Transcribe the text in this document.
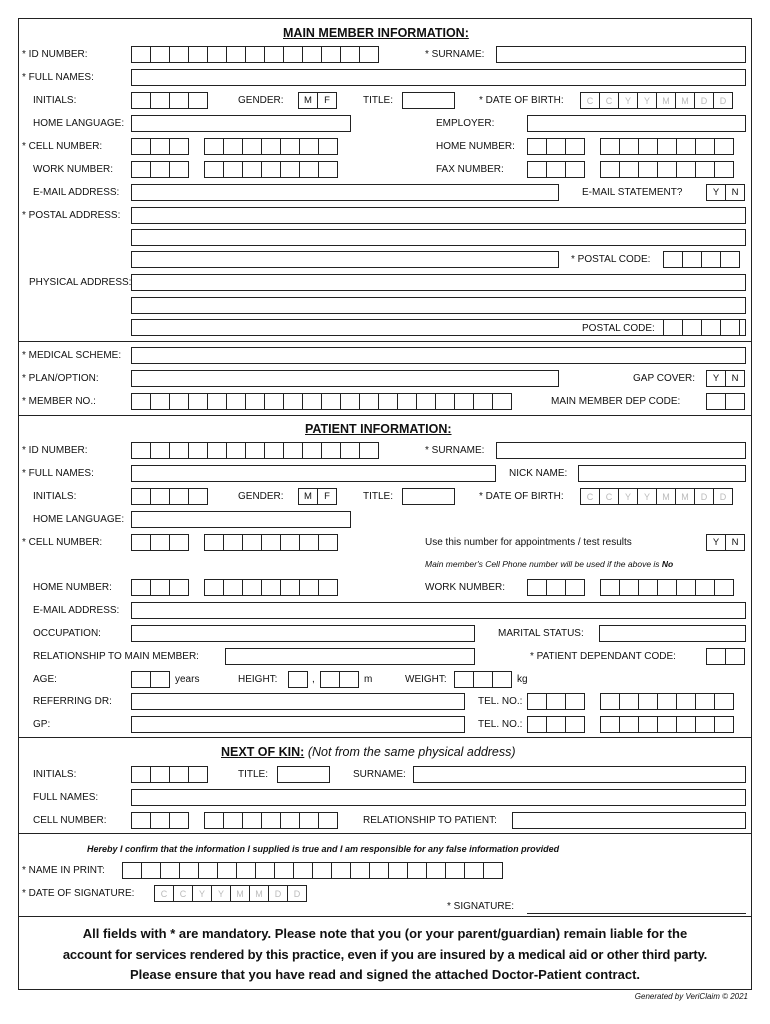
MAIN MEMBER INFORMATION:
* ID NUMBER:	* SURNAME:
* FULL NAMES:
INITIALS:	GENDER:	M	F	TITLE:	* DATE OF BIRTH:	C	C	Y	Y	M	M	D	D
HOME LANGUAGE:	EMPLOYER:
* CELL NUMBER:	HOME NUMBER:
WORK NUMBER:	FAX NUMBER:
E-MAIL ADDRESS:	E-MAIL STATEMENT?	Y	N
* POSTAL ADDRESS:
* POSTAL CODE:
PHYSICAL ADDRESS:
POSTAL CODE:
* MEDICAL SCHEME:
* PLAN/OPTION:	GAP COVER:	Y	N
* MEMBER NO.:	MAIN MEMBER DEP CODE:
PATIENT INFORMATION:
* ID NUMBER:	* SURNAME:
* FULL NAMES:	NICK NAME:
INITIALS:	GENDER:	M	F	TITLE:	* DATE OF BIRTH:	C	C	Y	Y	M	M	D	D
HOME LANGUAGE:
* CELL NUMBER:	Use this number for appointments / test results	Y	N
Main member's Cell Phone number will be used if the above is No
HOME NUMBER:	WORK NUMBER:
E-MAIL ADDRESS:
OCCUPATION:	MARITAL STATUS:
RELATIONSHIP TO MAIN MEMBER:	* PATIENT DEPENDANT CODE:
AGE:	years	HEIGHT:	,	m	WEIGHT:	kg
REFERRING DR:	TEL. NO.:
GP:	TEL. NO.:
NEXT OF KIN: (Not from the same physical address)
INITIALS:	TITLE:	SURNAME:
FULL NAMES:
CELL NUMBER:	RELATIONSHIP TO PATIENT:
Hereby I confirm that the information I supplied is true and I am responsible for any false information provided
* NAME IN PRINT:
* DATE OF SIGNATURE:	C	C	Y	Y	M	M	D	D
* SIGNATURE:
All fields with * are mandatory. Please note that you (or your parent/guardian) remain liable for the
account for services rendered by this practice, even if you are insured by a medical aid or other third party.
Please ensure that you have read and signed the attached Doctor-Patient contract.
Generated by VeriClaim © 2021
